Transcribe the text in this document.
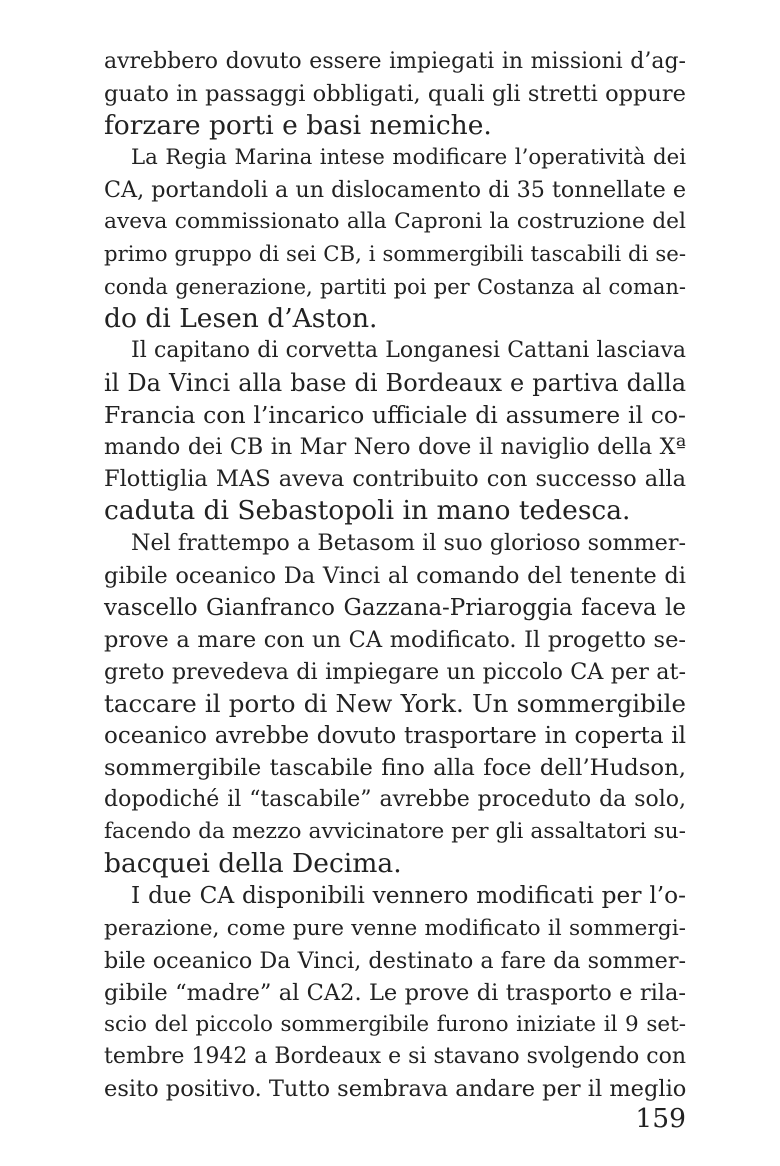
avrebbero dovuto essere impiegati in missioni d’ag-
guato in passaggi obbligati, quali gli stretti oppure
forzare porti e basi nemiche.

La Regia Marina intese modificare l’operatività dei
CA, portandoli a un dislocamento di 35 tonnellate e
aveva commissionato alla Caproni la costruzione del
primo gruppo di sei CB, i sommergibili tascabili di se-
conda generazione, partiti poi per Costanza al coman-
do di Lesen d’Aston.

Il capitano di corvetta Longanesi Cattani lasciava
il Da Vinci alla base di Bordeaux e partiva dalla
Francia con l’incarico ufficiale di assumere il co-
mando dei CB in Mar Nero dove il naviglio della Xª
Flottiglia MAS aveva contribuito con successo alla
caduta di Sebastopoli in mano tedesca.

Nel frattempo a Betasom il suo glorioso sommer-
gibile oceanico Da Vinci al comando del tenente di
vascello Gianfranco Gazzana-Priaroggia faceva le
prove a mare con un CA modificato. Il progetto se-
greto prevedeva di impiegare un piccolo CA per at-
taccare il porto di New York. Un sommergibile
oceanico avrebbe dovuto trasportare in coperta il
sommergibile tascabile fino alla foce dell’Hudson,
dopodiché il “tascabile” avrebbe proceduto da solo,
facendo da mezzo avvicinatore per gli assaltatori su-
bacquei della Decima.

I due CA disponibili vennero modificati per l’o-
perazione, come pure venne modificato il sommergi-
bile oceanico Da Vinci, destinato a fare da sommer-
gibile “madre” al CA2. Le prove di trasporto e rila-
scio del piccolo sommergibile furono iniziate il 9 set-
tembre 1942 a Bordeaux e si stavano svolgendo con
esito positivo. Tutto sembrava andare per il meglio

159
